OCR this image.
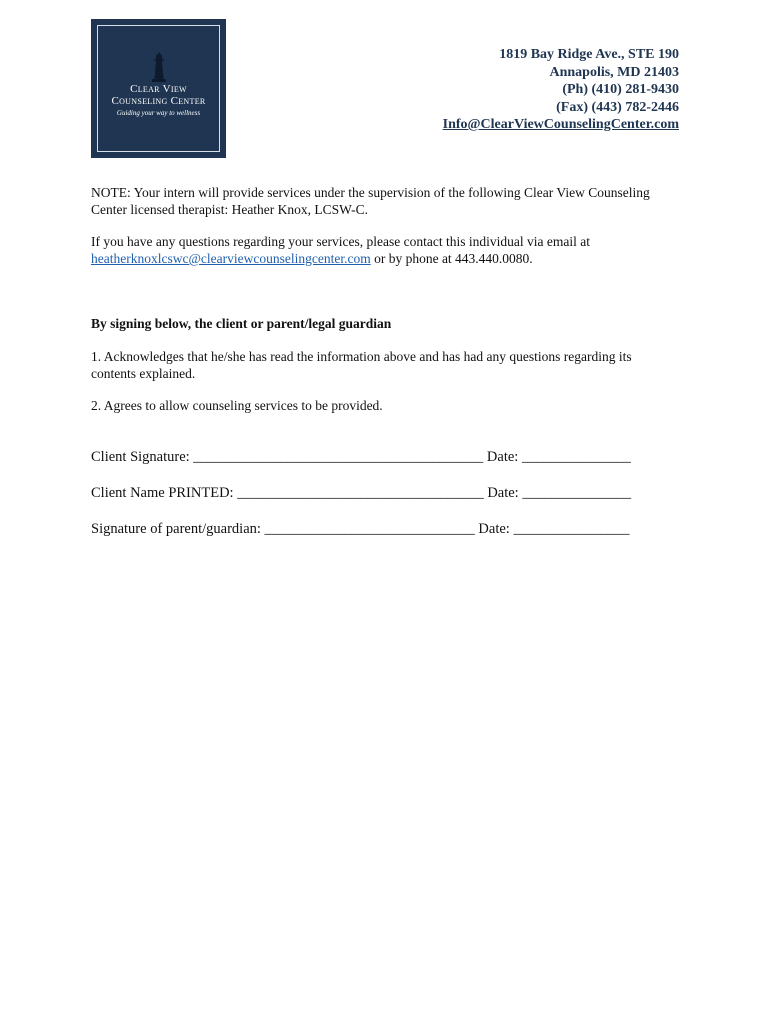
Clear View
Counseling Center
Guiding your way to wellness
1819 Bay Ridge Ave., STE 190
Annapolis, MD 21403
(Ph) (410) 281-9430
(Fax) (443) 782-2446
Info@ClearViewCounselingCenter.com

NOTE: Your intern will provide services under the supervision of the following Clear View Counseling Center licensed therapist: Heather Knox, LCSW-C.

If you have any questions regarding your services, please contact this individual via email at
heatherknoxlcswc@clearviewcounselingcenter.com or by phone at 443.440.0080.

By signing below, the client or parent/legal guardian

1. Acknowledges that he/she has read the information above and has had any questions regarding its contents explained.

2. Agrees to allow counseling services to be provided.

Client Signature: ________________________________________ Date: _______________
Client Name PRINTED: __________________________________ Date: _______________
Signature of parent/guardian: _____________________________ Date: ________________
